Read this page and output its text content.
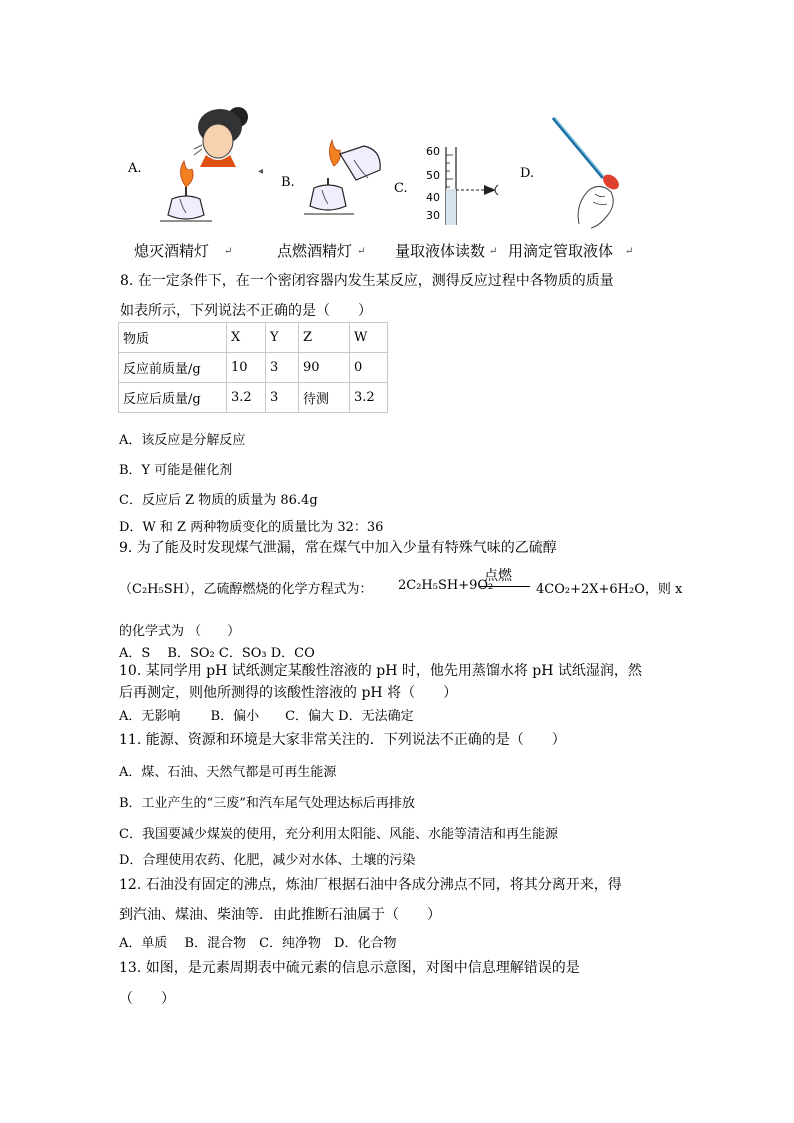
A.	◂
B.	C.
60
50
40
30
D.
熄灭酒精灯 ↵	点燃酒精灯 ↵ 量取液体读数 ↵ 用滴定管取液体 ↵
8. 在一定条件下，在一个密闭容器内发生某反应，测得反应过程中各物质的质量
如表所示，下列说法不正确的是（　　）
物质	X	Y	Z	W
反应前质量/g	10	3	90	0
反应后质量/g	3.2	3	待测	3.2
A．该反应是分解反应
B．Y 可能是催化剂
C．反应后 Z 物质的质量为 86.4g
D．W 和 Z 两种物质变化的质量比为 32：36
9. 为了能及时发现煤气泄漏，常在煤气中加入少量有特殊气味的乙硫醇
（C₂H₅SH），乙硫醇燃烧的化学方程式为： 2C₂H₅SH+9O₂
点燃
4CO₂+2X+6H₂O，则 x
的化学式为 （　　）
A．S　 B．SO₂ C．SO₃ D．CO
10. 某同学用 pH 试纸测定某酸性溶液的 pH 时，他先用蒸馏水将 pH 试纸湿润，然
后再测定，则他所测得的该酸性溶液的 pH 将（　　）
A．无影响　　 B．偏小　　C．偏大 D．无法确定
11. 能源、资源和环境是大家非常关注的．下列说法不正确的是（　　）
A．煤、石油、天然气都是可再生能源
B．工业产生的“三废”和汽车尾气处理达标后再排放
C．我国要减少煤炭的使用，充分利用太阳能、风能、水能等清洁和再生能源
D．合理使用农药、化肥，减少对水体、土壤的污染
12. 石油没有固定的沸点，炼油厂根据石油中各成分沸点不同，将其分离开来，得
到汽油、煤油、柴油等．由此推断石油属于（　　）
A．单质　 B．混合物　C．纯净物　D．化合物
13. 如图，是元素周期表中硫元素的信息示意图，对图中信息理解错误的是
（　　）
